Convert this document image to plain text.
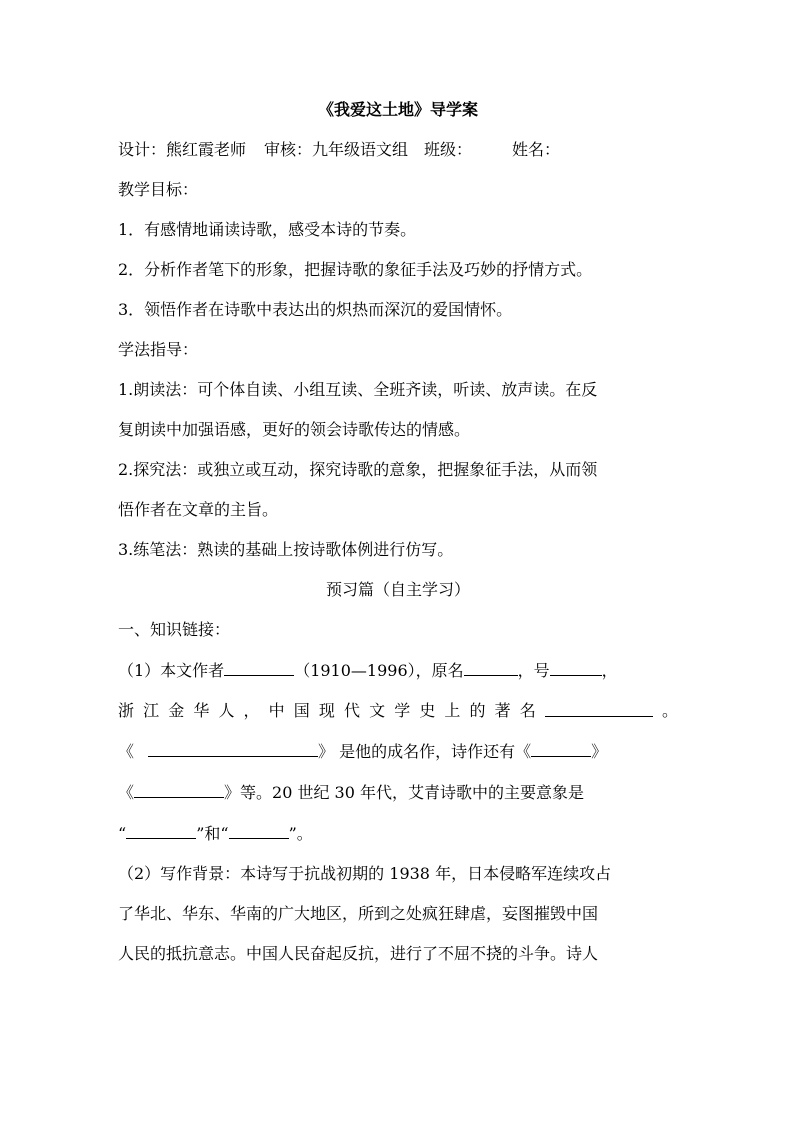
《我爱这土地》导学案
设计：熊红霞老师 审核：九年级语文组 班级：	姓名：
教学目标：
1．有感情地诵读诗歌，感受本诗的节奏。
2．分析作者笔下的形象，把握诗歌的象征手法及巧妙的抒情方式。
3．领悟作者在诗歌中表达出的炽热而深沉的爱国情怀。
学法指导：
1.朗读法：可个体自读、小组互读、全班齐读，听读、放声读。在反
复朗读中加强语感，更好的领会诗歌传达的情感。
2.探究法：或独立或互动，探究诗歌的意象，把握象征手法，从而领
悟作者在文章的主旨。
3.练笔法：熟读的基础上按诗歌体例进行仿写。
预习篇（自主学习）
一、知识链接：
（1）本文作者	（1910—1996），原名	，号	，
浙 江 金 华 人 ， 中 国 现 代 文 学 史 上 的 著 名	。
《	》 是他的成名作，诗作还有《	》
《	》等。20 世纪 30 年代，艾青诗歌中的主要意象是
“	”和“	”。
（2）写作背景：本诗写于抗战初期的 1938 年，日本侵略军连续攻占
了华北、华东、华南的广大地区，所到之处疯狂肆虐，妄图摧毁中国
人民的抵抗意志。中国人民奋起反抗，进行了不屈不挠的斗争。诗人
